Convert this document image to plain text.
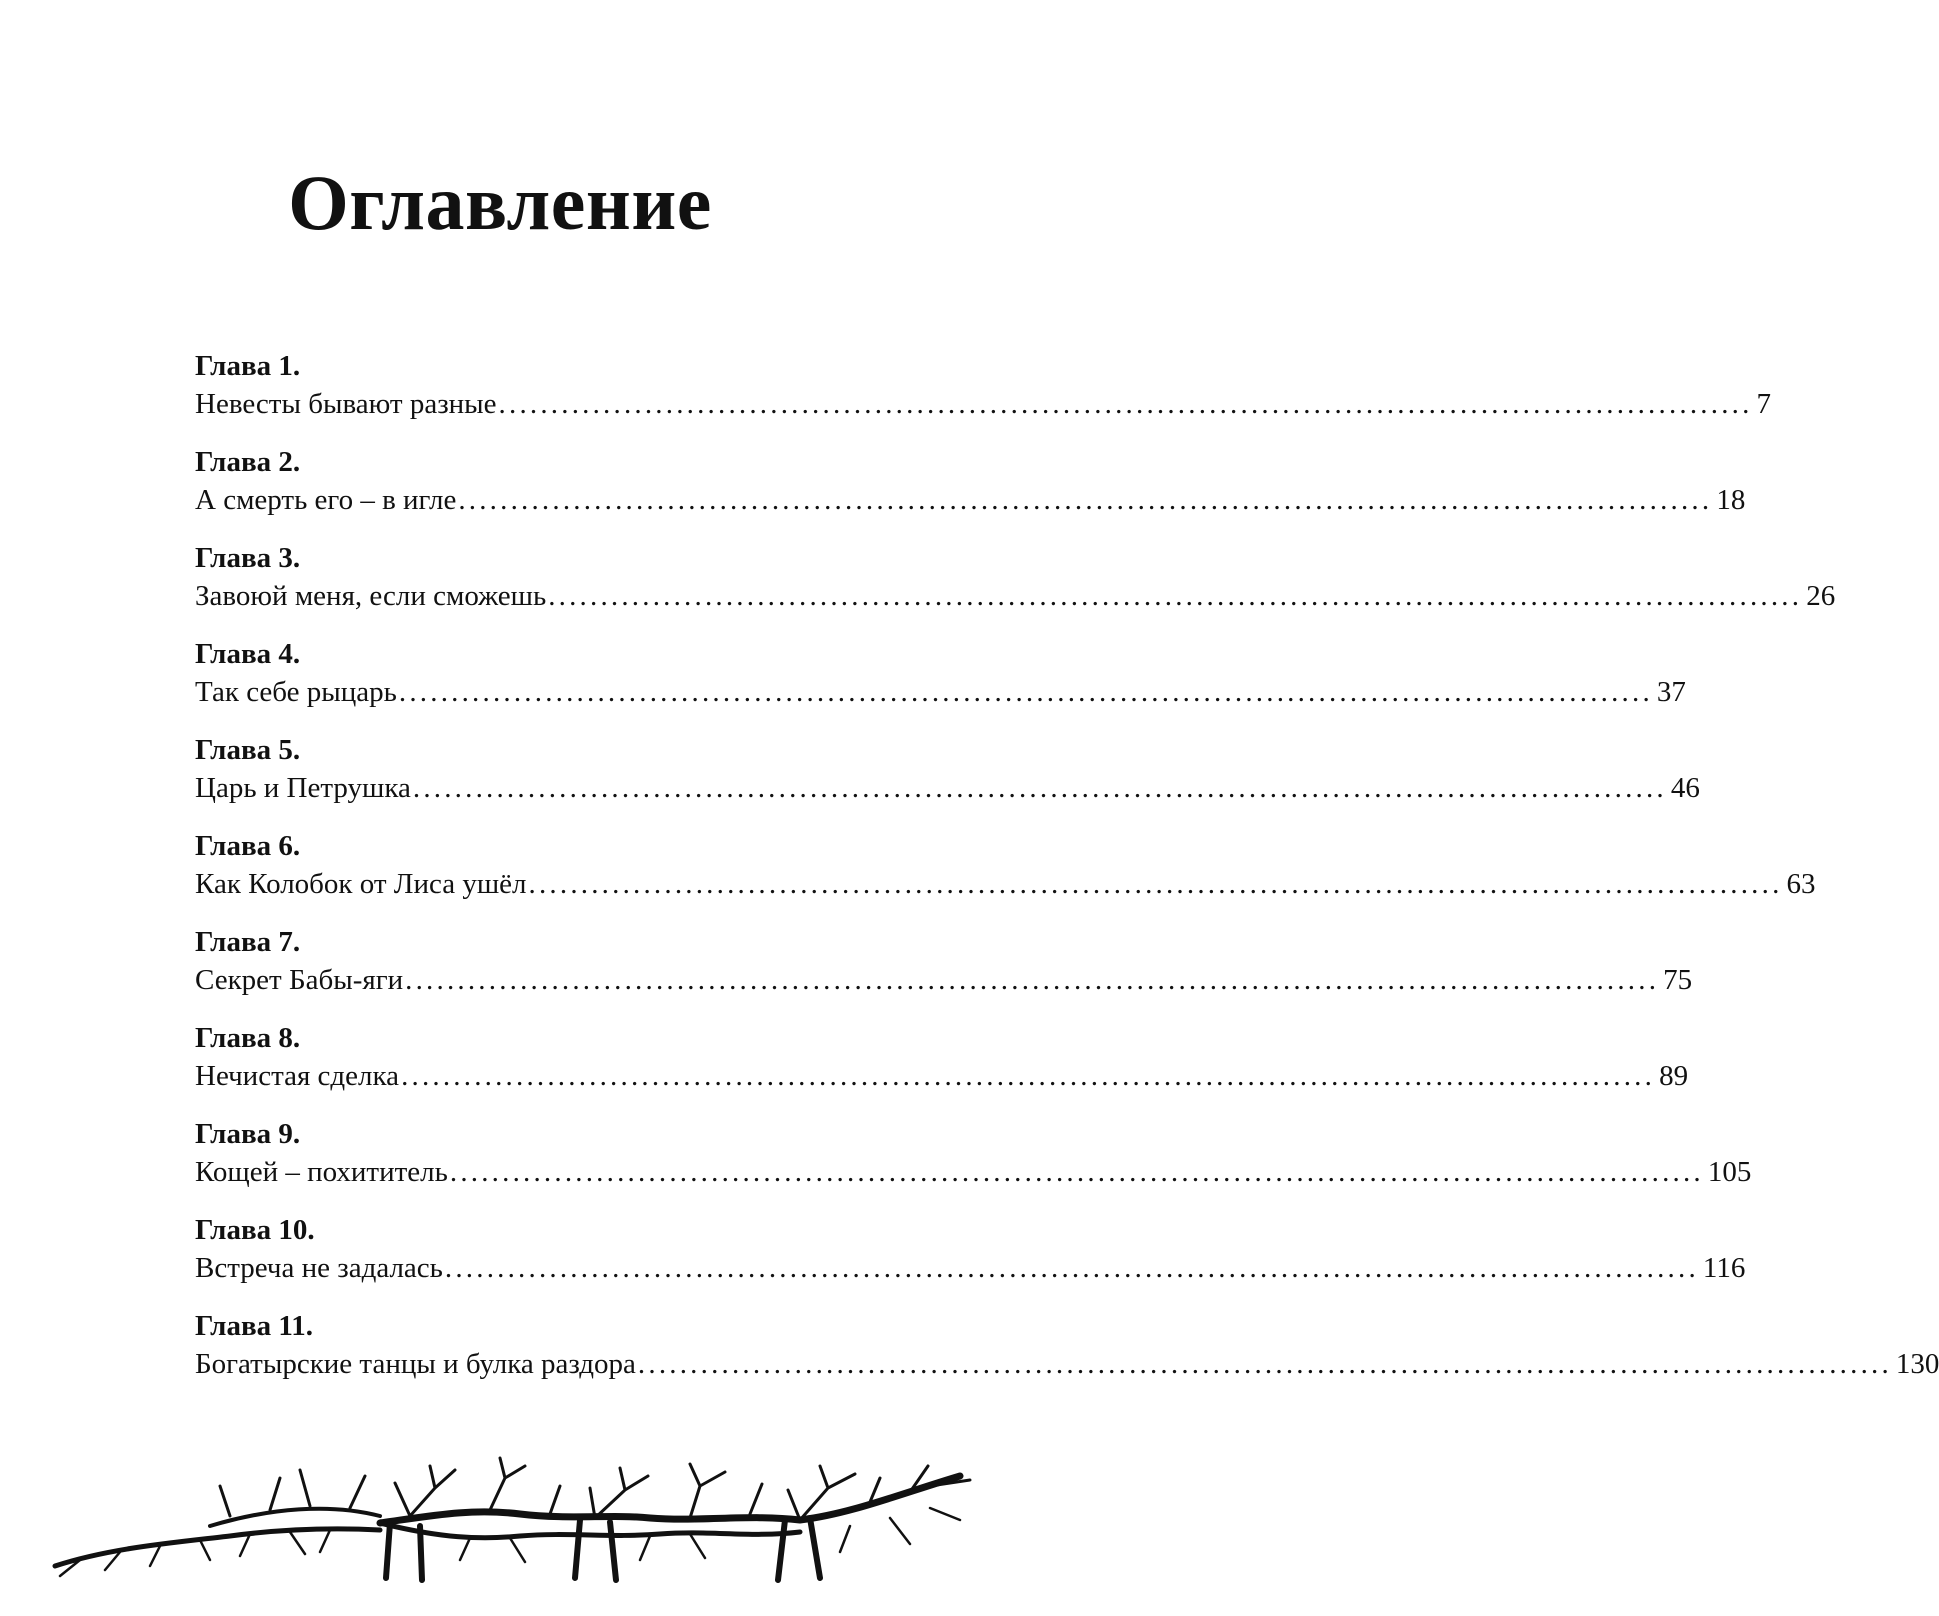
Оглавление
Глава 1.
Невесты бывают разные ........................................................................................................................ 7
Глава 2.
А смерть его – в игле ........................................................................................................................ 18
Глава 3.
Завоюй меня, если сможешь ........................................................................................................................ 26
Глава 4.
Так себе рыцарь ........................................................................................................................ 37
Глава 5.
Царь и Петрушка ........................................................................................................................ 46
Глава 6.
Как Колобок от Лиса ушёл ........................................................................................................................ 63
Глава 7.
Секрет Бабы-яги ........................................................................................................................ 75
Глава 8.
Нечистая сделка ........................................................................................................................ 89
Глава 9.
Кощей – похититель ........................................................................................................................ 105
Глава 10.
Встреча не задалась ........................................................................................................................ 116
Глава 11.
Богатырские танцы и булка раздора ........................................................................................................................ 130
